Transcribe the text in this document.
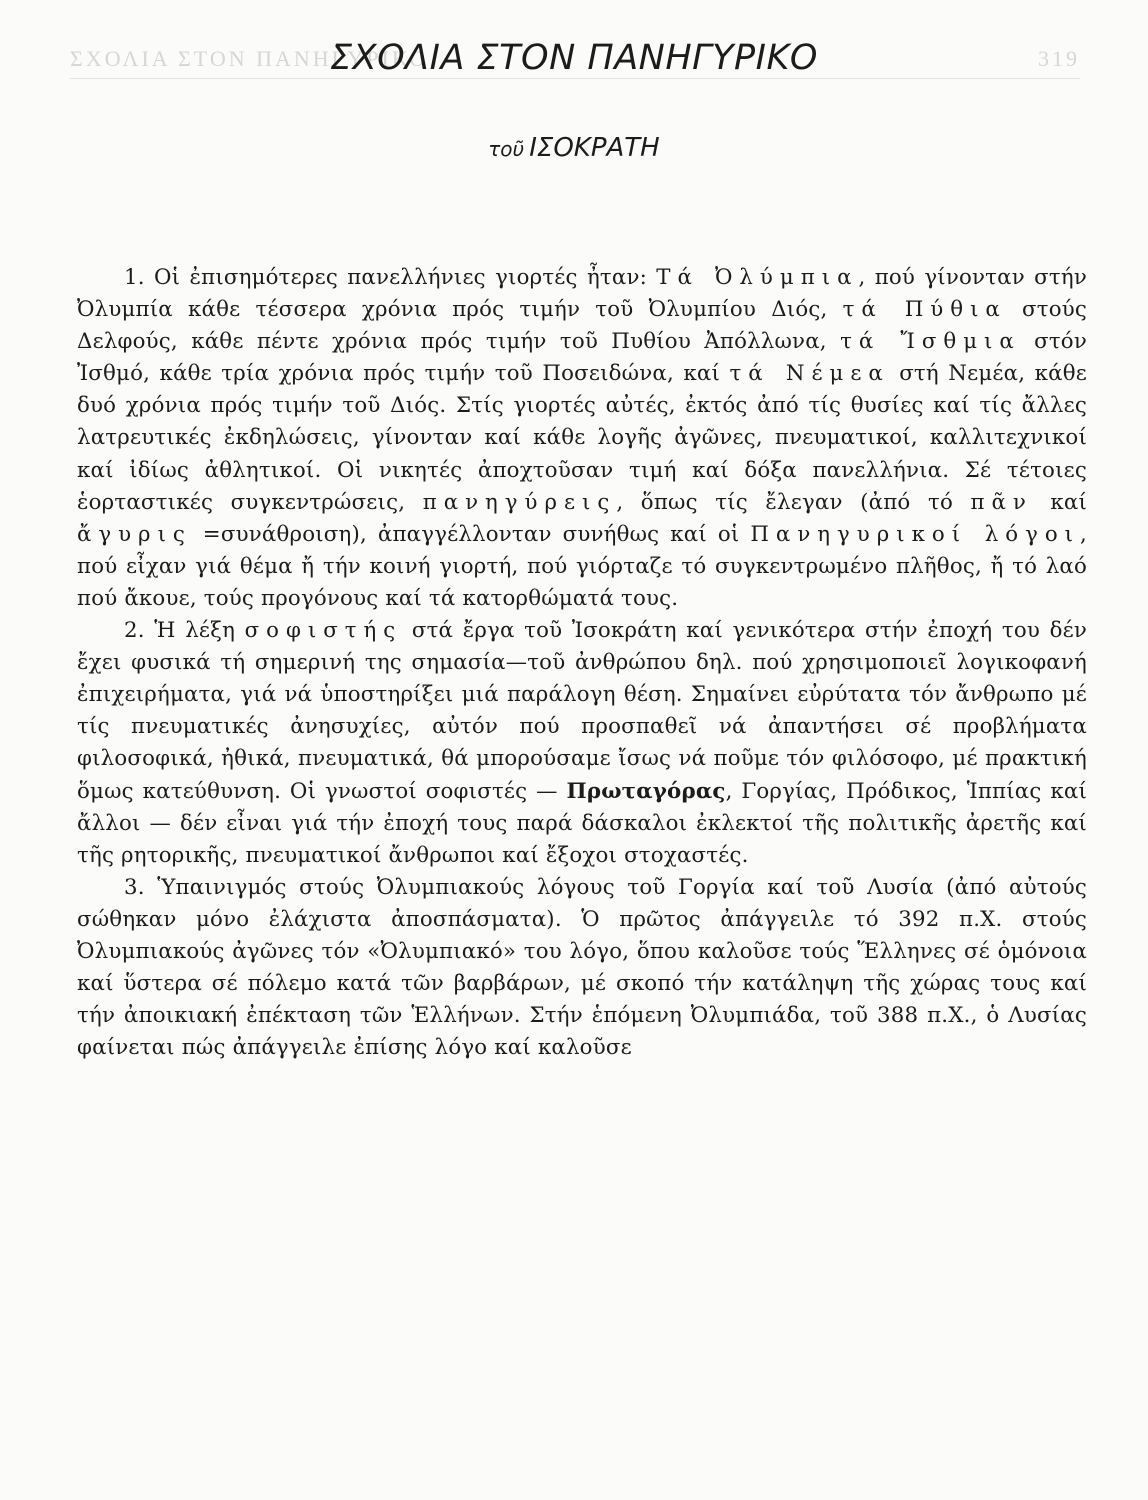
ΣΧΟΛΙΑ ΣΤΟΝ ΠΑΝΗΓΥΡΙΚΟ	319
ΣΧΟΛΙΑ ΣΤΟΝ ΠΑΝΗΓΥΡΙΚΟ
τοῦ ΙΣΟΚΡΑΤΗ

1. Οἱ ἐπισημότερες πανελλήνιες γιορτές ἦταν: Τά Ὀλύμπια, πού γίνονταν στήν Ὀλυμπία κάθε τέσσερα χρόνια πρός τιμήν τοῦ Ὀλυμπίου Διός, τά Πύθια στούς Δελφούς, κάθε πέντε χρόνια πρός τιμήν τοῦ Πυθίου Ἀπόλλωνα, τά Ἴσθμια στόν Ἰσθμό, κάθε τρία χρόνια πρός τιμήν τοῦ Ποσειδώνα, καί τά Νέμεα στή Νεμέα, κάθε δυό χρόνια πρός τιμήν τοῦ Διός. Στίς γιορτές αὐτές, ἐκτός ἀπό τίς θυσίες καί τίς ἄλλες λατρευτικές ἐκδηλώσεις, γίνονταν καί κάθε λογῆς ἀγῶνες, πνευματικοί, καλλιτεχνικοί καί ἰδίως ἀθλητικοί. Οἱ νικητές ἀποχτοῦσαν τιμή καί δόξα πανελλήνια. Σέ τέτοιες ἑορταστικές συγκεντρώσεις, πανηγύρεις, ὅπως τίς ἔλεγαν (ἀπό τό πᾶν καί ἄγυρις =συνάθροιση), ἀπαγγέλλονταν συνήθως καί οἱ Πανηγυρικοί λόγοι, πού εἶχαν γιά θέμα ἤ τήν κοινή γιορτή, πού γιόρταζε τό συγκεντρωμένο πλῆθος, ἤ τό λαό πού ἄκουε, τούς προγόνους καί τά κατορθώματά τους.

2. Ἡ λέξη σοφιστής στά ἔργα τοῦ Ἰσοκράτη καί γενικότερα στήν ἐποχή του δέν ἔχει φυσικά τή σημερινή της σημασία—τοῦ ἀνθρώπου δηλ. πού χρησιμοποιεῖ λογικοφανή ἐπιχειρήματα, γιά νά ὑποστηρίξει μιά παράλογη θέση. Σημαίνει εὐρύτατα τόν ἄνθρωπο μέ τίς πνευματικές ἀνησυχίες, αὐτόν πού προσπαθεῖ νά ἀπαντήσει σέ προβλήματα φιλοσοφικά, ἠθικά, πνευματικά, θά μπορούσαμε ἴσως νά ποῦμε τόν φιλόσοφο, μέ πρακτική ὅμως κατεύθυνση. Οἱ γνωστοί σοφιστές — Πρωταγόρας, Γοργίας, Πρόδικος, Ἱππίας καί ἄλλοι — δέν εἶναι γιά τήν ἐποχή τους παρά δάσκαλοι ἐκλεκτοί τῆς πολιτικῆς ἀρετῆς καί τῆς ρητορικῆς, πνευματικοί ἄνθρωποι καί ἔξοχοι στοχαστές.

3. Ὑπαινιγμός στούς Ὀλυμπιακούς λόγους τοῦ Γοργία καί τοῦ Λυσία (ἀπό αὐτούς σώθηκαν μόνο ἐλάχιστα ἀποσπάσματα). Ὁ πρῶτος ἀπάγγειλε τό 392 π.Χ. στούς Ὀλυμπιακούς ἀγῶνες τόν «Ὀλυμπιακό» του λόγο, ὅπου καλοῦσε τούς Ἕλληνες σέ ὁμόνοια καί ὕστερα σέ πόλεμο κατά τῶν βαρβάρων, μέ σκοπό τήν κατάληψη τῆς χώρας τους καί τήν ἀποικιακή ἐπέκταση τῶν Ἑλλήνων. Στήν ἑπόμενη Ὀλυμπιάδα, τοῦ 388 π.Χ., ὁ Λυσίας φαίνεται πώς ἀπάγγειλε ἐπίσης λόγο καί καλοῦσε
